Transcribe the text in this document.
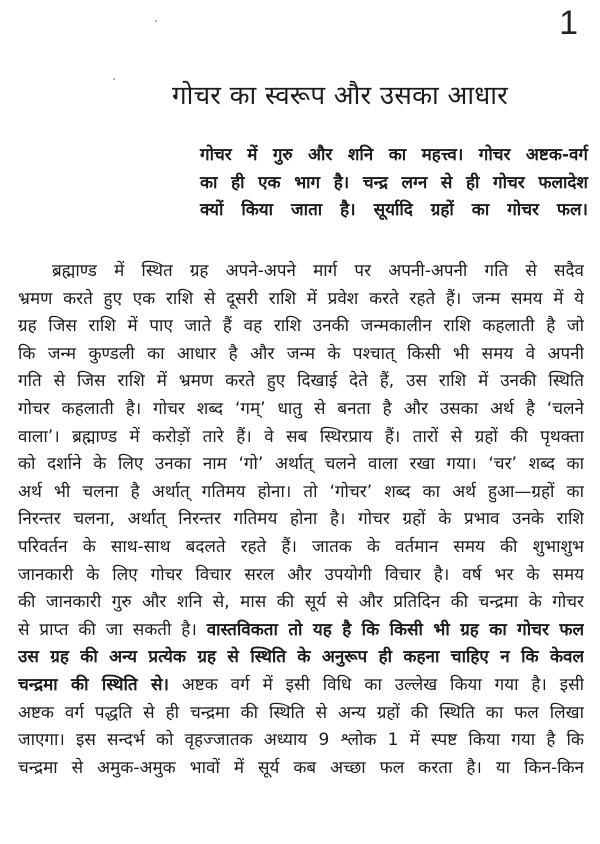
1
गोचर का स्वरूप और उसका आधार
गोचर में गुरु और शनि का महत्त्व। गोचर अष्टक-वर्ग
का ही एक भाग है। चन्द्र लग्न से ही गोचर फलादेश
क्यों किया जाता है। सूर्यादि ग्रहों का गोचर फल।
ब्रह्माण्ड में स्थित ग्रह अपने-अपने मार्ग पर अपनी-अपनी गति से सदैव
भ्रमण करते हुए एक राशि से दूसरी राशि में प्रवेश करते रहते हैं। जन्म समय में ये
ग्रह जिस राशि में पाए जाते हैं वह राशि उनकी जन्मकालीन राशि कहलाती है जो
कि जन्म कुण्डली का आधार है और जन्म के पश्चात् किसी भी समय वे अपनी
गति से जिस राशि में भ्रमण करते हुए दिखाई देते हैं, उस राशि में उनकी स्थिति
गोचर कहलाती है। गोचर शब्द ‘गम्’ धातु से बनता है और उसका अर्थ है ‘चलने
वाला’। ब्रह्माण्ड में करोड़ों तारे हैं। वे सब स्थिरप्राय हैं। तारों से ग्रहों की पृथक्ता
को दर्शाने के लिए उनका नाम ‘गो’ अर्थात् चलने वाला रखा गया। ‘चर’ शब्द का
अर्थ भी चलना है अर्थात् गतिमय होना। तो ‘गोचर’ शब्द का अर्थ हुआ—ग्रहों का
निरन्तर चलना, अर्थात् निरन्तर गतिमय होना है। गोचर ग्रहों के प्रभाव उनके राशि
परिवर्तन के साथ-साथ बदलते रहते हैं। जातक के वर्तमान समय की शुभाशुभ
जानकारी के लिए गोचर विचार सरल और उपयोगी विचार है। वर्ष भर के समय
की जानकारी गुरु और शनि से, मास की सूर्य से और प्रतिदिन की चन्द्रमा के गोचर
से प्राप्त की जा सकती है। वास्तविकता तो यह है कि किसी भी ग्रह का गोचर फल
उस ग्रह की अन्य प्रत्येक ग्रह से स्थिति के अनुरूप ही कहना चाहिए न कि केवल
चन्द्रमा की स्थिति से। अष्टक वर्ग में इसी विधि का उल्लेख किया गया है। इसी
अष्टक वर्ग पद्धति से ही चन्द्रमा की स्थिति से अन्य ग्रहों की स्थिति का फल लिखा
जाएगा। इस सन्दर्भ को वृहज्जातक अध्याय 9 श्लोक 1 में स्पष्ट किया गया है कि
चन्द्रमा से अमुक-अमुक भावों में सूर्य कब अच्छा फल करता है। या किन-किन
